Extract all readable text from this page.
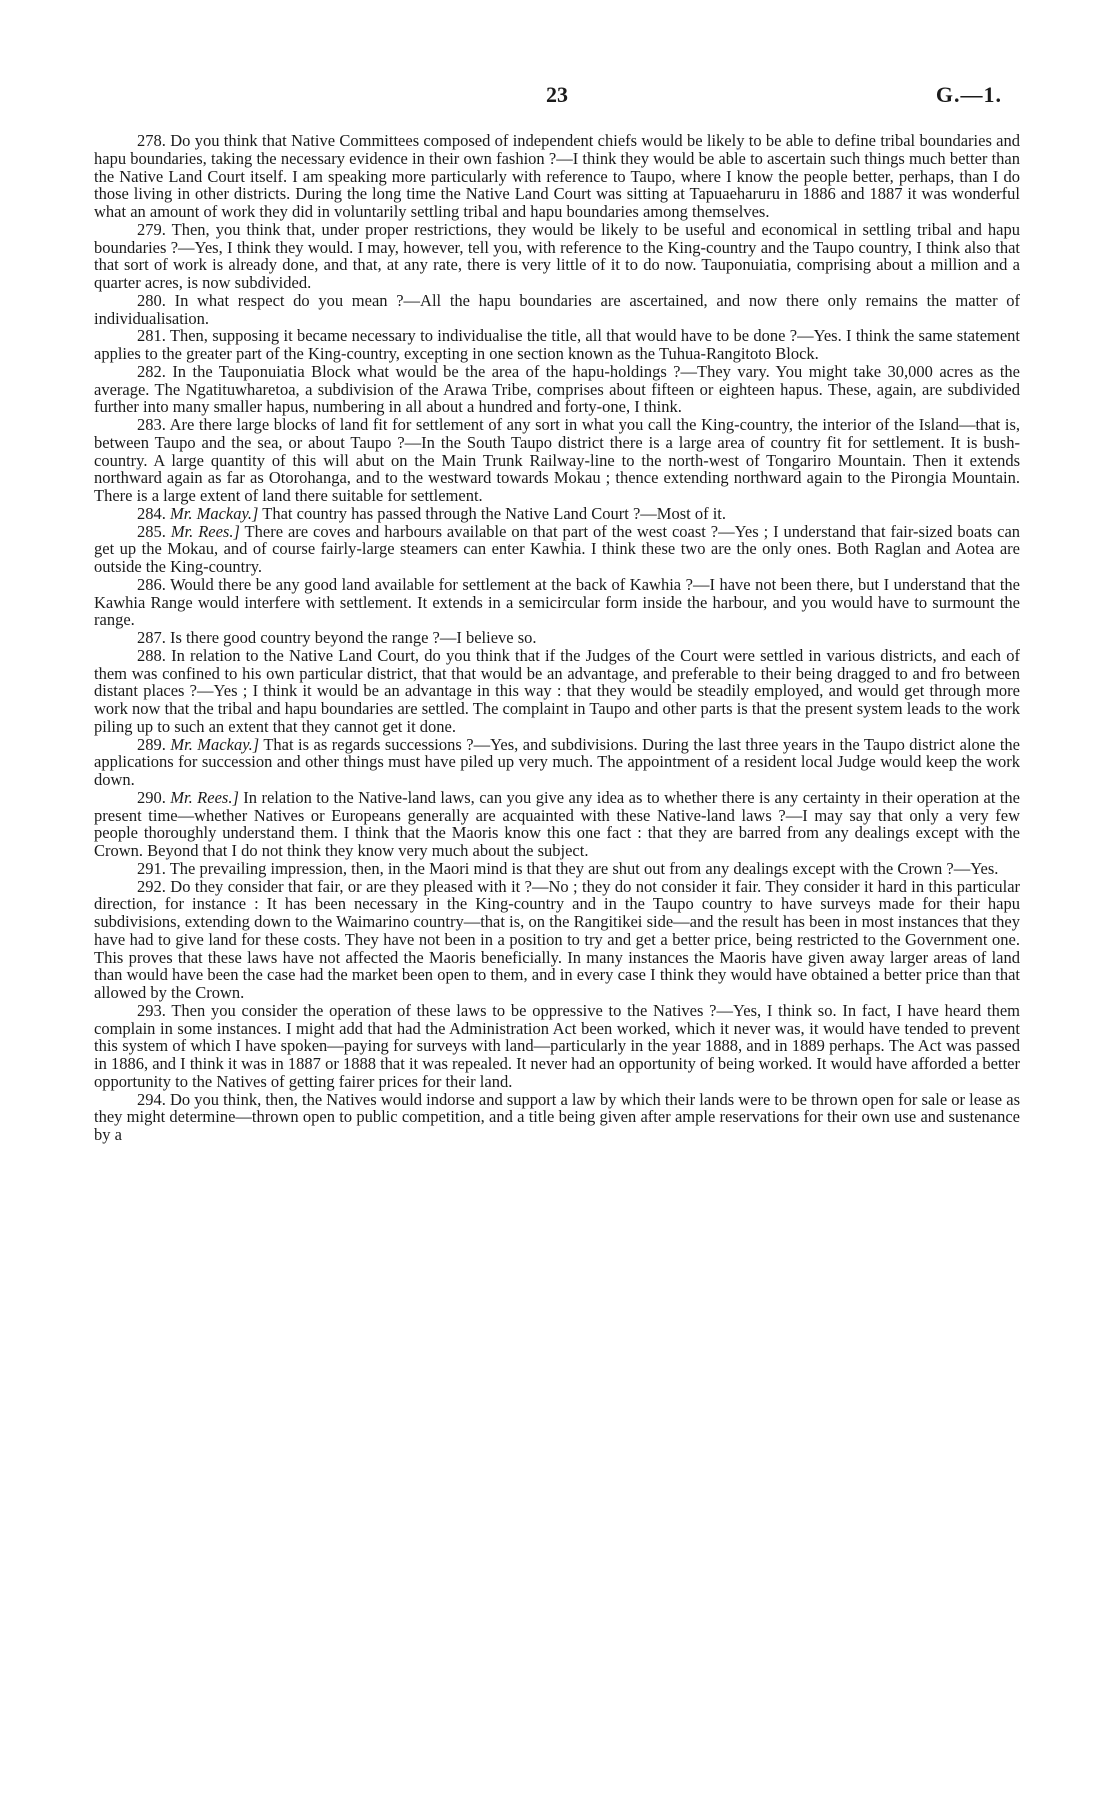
23	G.—1.

278. Do you think that Native Committees composed of independent chiefs would be likely to be able to define tribal boundaries and hapu boundaries, taking the necessary evidence in their own fashion ?—I think they would be able to ascertain such things much better than the Native Land Court itself. I am speaking more particularly with reference to Taupo, where I know the people better, perhaps, than I do those living in other districts. During the long time the Native Land Court was sitting at Tapuaeharuru in 1886 and 1887 it was wonderful what an amount of work they did in voluntarily settling tribal and hapu boundaries among themselves.

279. Then, you think that, under proper restrictions, they would be likely to be useful and economical in settling tribal and hapu boundaries ?—Yes, I think they would. I may, however, tell you, with reference to the King-country and the Taupo country, I think also that that sort of work is already done, and that, at any rate, there is very little of it to do now. Tauponuiatia, comprising about a million and a quarter acres, is now subdivided.

280. In what respect do you mean ?—All the hapu boundaries are ascertained, and now there only remains the matter of individualisation.

281. Then, supposing it became necessary to individualise the title, all that would have to be done ?—Yes. I think the same statement applies to the greater part of the King-country, excepting in one section known as the Tuhua-Rangitoto Block.

282. In the Tauponuiatia Block what would be the area of the hapu-holdings ?—They vary. You might take 30,000 acres as the average. The Ngatituwharetoa, a subdivision of the Arawa Tribe, comprises about fifteen or eighteen hapus. These, again, are subdivided further into many smaller hapus, numbering in all about a hundred and forty-one, I think.

283. Are there large blocks of land fit for settlement of any sort in what you call the King-country, the interior of the Island—that is, between Taupo and the sea, or about Taupo ?—In the South Taupo district there is a large area of country fit for settlement. It is bush-country. A large quantity of this will abut on the Main Trunk Railway-line to the north-west of Tongariro Mountain. Then it extends northward again as far as Otorohanga, and to the westward towards Mokau ; thence extending northward again to the Pirongia Mountain. There is a large extent of land there suitable for settlement.

284. Mr. Mackay.] That country has passed through the Native Land Court ?—Most of it.

285. Mr. Rees.] There are coves and harbours available on that part of the west coast ?—Yes ; I understand that fair-sized boats can get up the Mokau, and of course fairly-large steamers can enter Kawhia. I think these two are the only ones. Both Raglan and Aotea are outside the King-country.

286. Would there be any good land available for settlement at the back of Kawhia ?—I have not been there, but I understand that the Kawhia Range would interfere with settlement. It extends in a semicircular form inside the harbour, and you would have to surmount the range.

287. Is there good country beyond the range ?—I believe so.

288. In relation to the Native Land Court, do you think that if the Judges of the Court were settled in various districts, and each of them was confined to his own particular district, that that would be an advantage, and preferable to their being dragged to and fro between distant places ?—Yes ; I think it would be an advantage in this way : that they would be steadily employed, and would get through more work now that the tribal and hapu boundaries are settled. The complaint in Taupo and other parts is that the present system leads to the work piling up to such an extent that they cannot get it done.

289. Mr. Mackay.] That is as regards successions ?—Yes, and subdivisions. During the last three years in the Taupo district alone the applications for succession and other things must have piled up very much. The appointment of a resident local Judge would keep the work down.

290. Mr. Rees.] In relation to the Native-land laws, can you give any idea as to whether there is any certainty in their operation at the present time—whether Natives or Europeans generally are acquainted with these Native-land laws ?—I may say that only a very few people thoroughly understand them. I think that the Maoris know this one fact : that they are barred from any dealings except with the Crown. Beyond that I do not think they know very much about the subject.

291. The prevailing impression, then, in the Maori mind is that they are shut out from any dealings except with the Crown ?—Yes.

292. Do they consider that fair, or are they pleased with it ?—No ; they do not consider it fair. They consider it hard in this particular direction, for instance : It has been necessary in the King-country and in the Taupo country to have surveys made for their hapu subdivisions, extending down to the Waimarino country—that is, on the Rangitikei side—and the result has been in most instances that they have had to give land for these costs. They have not been in a position to try and get a better price, being restricted to the Government one. This proves that these laws have not affected the Maoris beneficially. In many instances the Maoris have given away larger areas of land than would have been the case had the market been open to them, and in every case I think they would have obtained a better price than that allowed by the Crown.

293. Then you consider the operation of these laws to be oppressive to the Natives ?—Yes, I think so. In fact, I have heard them complain in some instances. I might add that had the Administration Act been worked, which it never was, it would have tended to prevent this system of which I have spoken—paying for surveys with land—particularly in the year 1888, and in 1889 perhaps. The Act was passed in 1886, and I think it was in 1887 or 1888 that it was repealed. It never had an opportunity of being worked. It would have afforded a better opportunity to the Natives of getting fairer prices for their land.

294. Do you think, then, the Natives would indorse and support a law by which their lands were to be thrown open for sale or lease as they might determine—thrown open to public competition, and a title being given after ample reservations for their own use and sustenance by a
